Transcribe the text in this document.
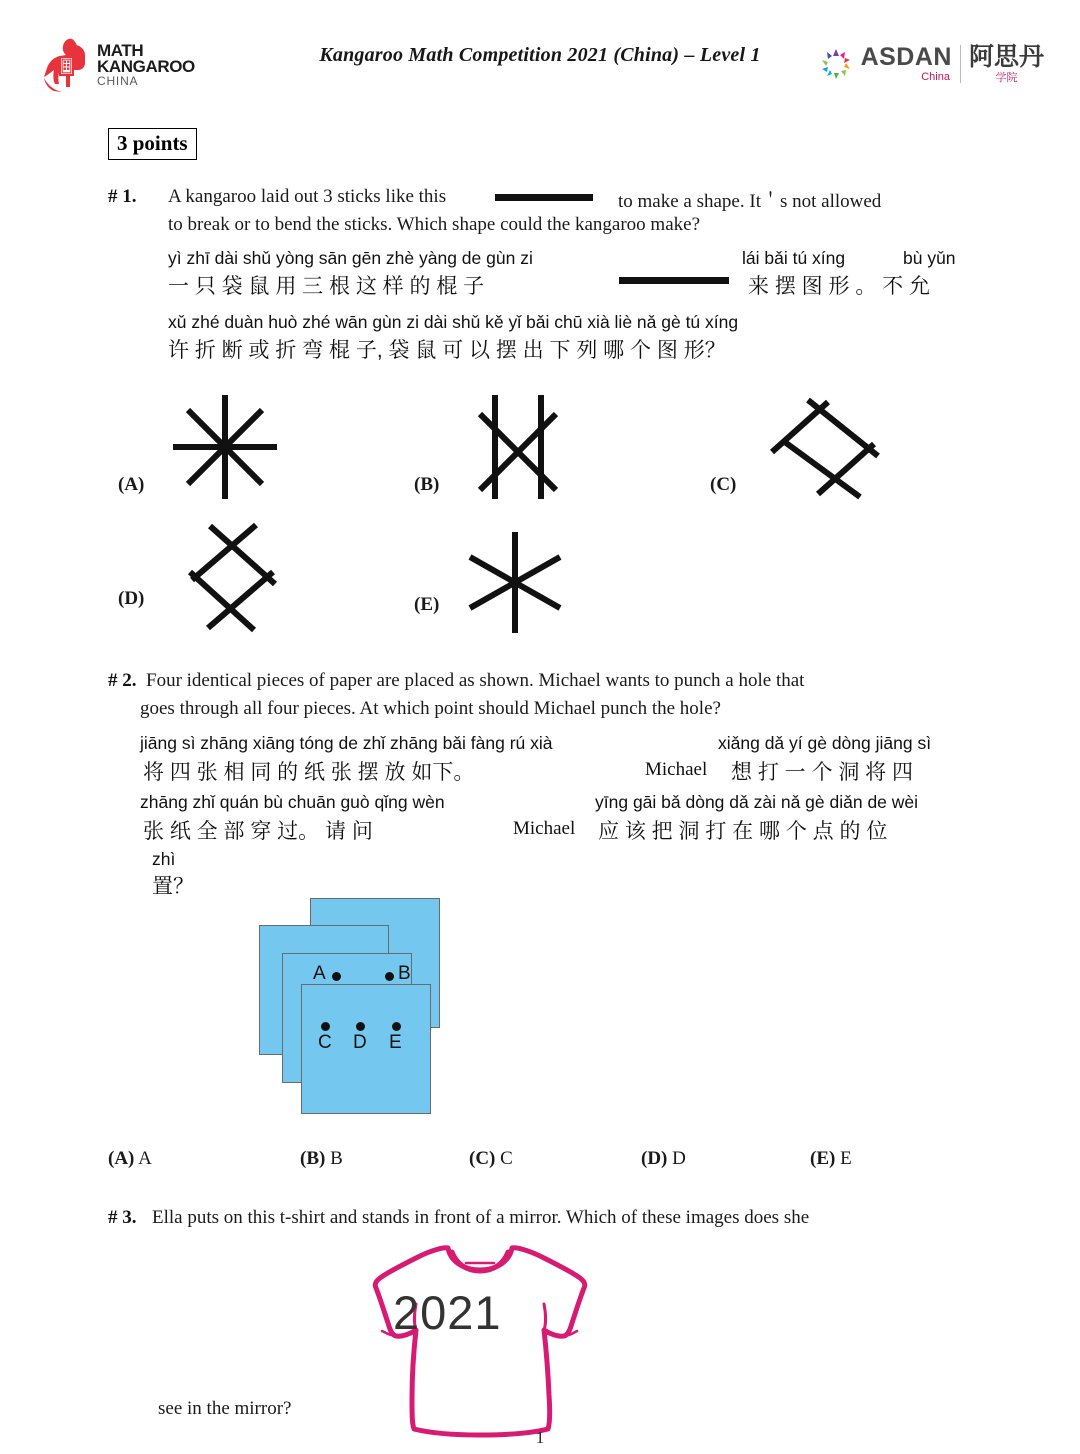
MATH
KANGAROO
CHINA
Kangaroo Math Competition 2021 (China) – Level 1	ASDAN
China
阿思丹
学院
3 points
# 1. A kangaroo laid out 3 sticks like this	to make a shape. It＇s not allowed
to break or to bend the sticks. Which shape could the kangaroo make?
yì zhī dài shǔ yòng sān gēn zhè yàng de gùn zi	lái bǎi tú xíng	bù yǔn
一 只 袋 鼠 用 三 根 这 样 的 棍 子	来 摆 图 形 。 不 允
xǔ zhé duàn huò zhé wān gùn zi dài shǔ kě yǐ bǎi chū xià liè nǎ gè tú xíng
许 折 断 或 折 弯 棍 子, 袋 鼠 可 以 摆 出 下 列 哪 个 图 形？
(A)	(B)	(C)
(D)	(E)
# 2. Four identical pieces of paper are placed as shown. Michael wants to punch a hole that
goes through all four pieces. At which point should Michael punch the hole?
jiāng sì zhāng xiāng tóng de zhǐ zhāng bǎi fàng rú xià	xiǎng dǎ yí gè dòng jiāng sì
将 四 张 相 同 的 纸 张 摆 放 如下。	Michael 想 打 一 个 洞 将 四
zhāng zhǐ quán bù chuān guò qǐng wèn	yīng gāi bǎ dòng dǎ zài nǎ gè diǎn de wèi
张 纸 全 部 穿 过。 请 问	Michael 应 该 把 洞 打 在 哪 个 点 的 位
zhì
置？
A	B
C D E
(A) A	(B) B	(C) C	(D) D	(E) E
# 3. Ella puts on this t-shirt and stands in front of a mirror. Which of these images does she
see in the mirror?
2021
1
